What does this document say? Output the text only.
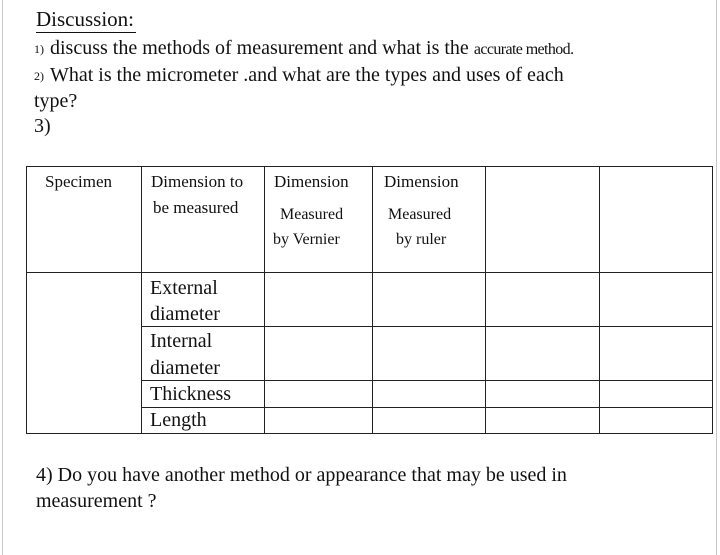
Discussion:
1) discuss the methods of measurement and what is the accurate method.
2) What is the micrometer .and what are the types and uses of each
type?
3)
Specimen Dimension to
be measured
Dimension
Measured
by Vernier
Dimension
Measured
by ruler
External
diameter
Internal
diameter
Thickness
Length
4) Do you have another method or appearance that may be used in measurement ?
